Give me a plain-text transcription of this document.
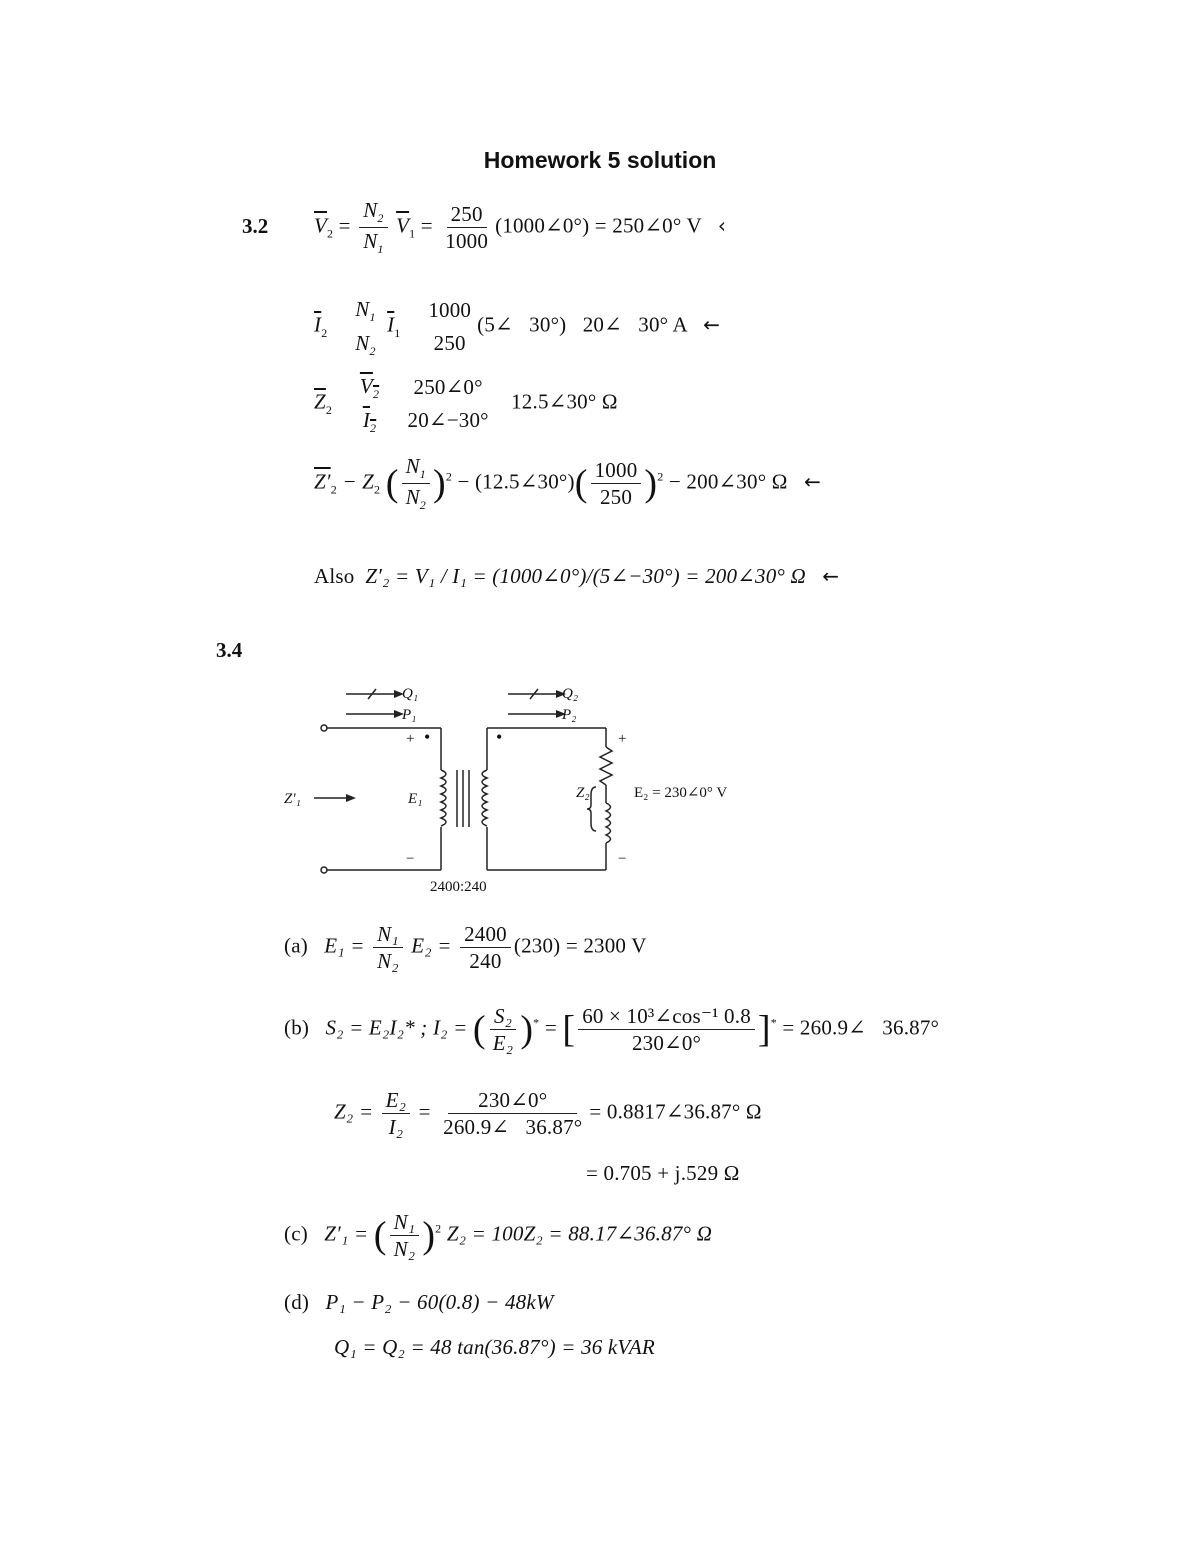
Homework 5 solution
3.2 $\overline{V}_2 = \frac{N_2}{N_1} \overline{V}_1 = \frac{250}{1000}$ (1000∠0°) = 250∠0° V ‹
$\overline{I}_2$
$N_1$
$N_2$
$\overline{I}_1$
1000
250
(5∠   30°)   20∠   30° A ←
$\overline{Z}_2 \frac{V_2}{I_2}$
250∠0°
20∠−30°
12.5∠30° Ω
$Z'_2 - Z_2$ ( $\frac{N_1}{N_2} )^2$ − (12.5∠30°)( $\frac{1000}{250} )^2$ − 200∠30° Ω ←
Also Z′₂ = V₁ / I₁ = (1000∠0°)/(5∠−30°) = 200∠30° Ω ←
3.4
Q₁
P₁
Q₂
P₂
Z′₁	E₁	Z₂	E₂ = 230∠0° V
+ •	•	+
−	−
2400:240
(a) $E_1 = \frac{\text{N₁}}{\text{N₂}} E_2 = \frac{2400}{240} (230) = 2300$ V
(b) S₂ = E₂I₂* ; I₂ = ( $\frac{\text{S₂}}{\text{E₂}} )^*$ = [ $\frac{\text{60 × 10³∠cos⁻¹ 0.8}}{230\angle 0^\circ} ]^*$ = 260.9∠   36.87°
$Z_2 = \frac{\text{E₂}}{\text{I₂}} = \frac{230\angle 0^\circ}{260.9\angle 36.87^\circ}$ = 0.8817∠36.87° Ω
= 0.705 + j.529 Ω
(c) Z′₁ = ( $\frac{\text{N₁}}{\text{N₂}} )^2$ Z₂ = 100Z₂ = 88.17∠36.87° Ω
(d) P₁ − P₂ − 60(0.8) − 48kW
Q₁ = Q₂ = 48 tan(36.87°) = 36 kVAR
